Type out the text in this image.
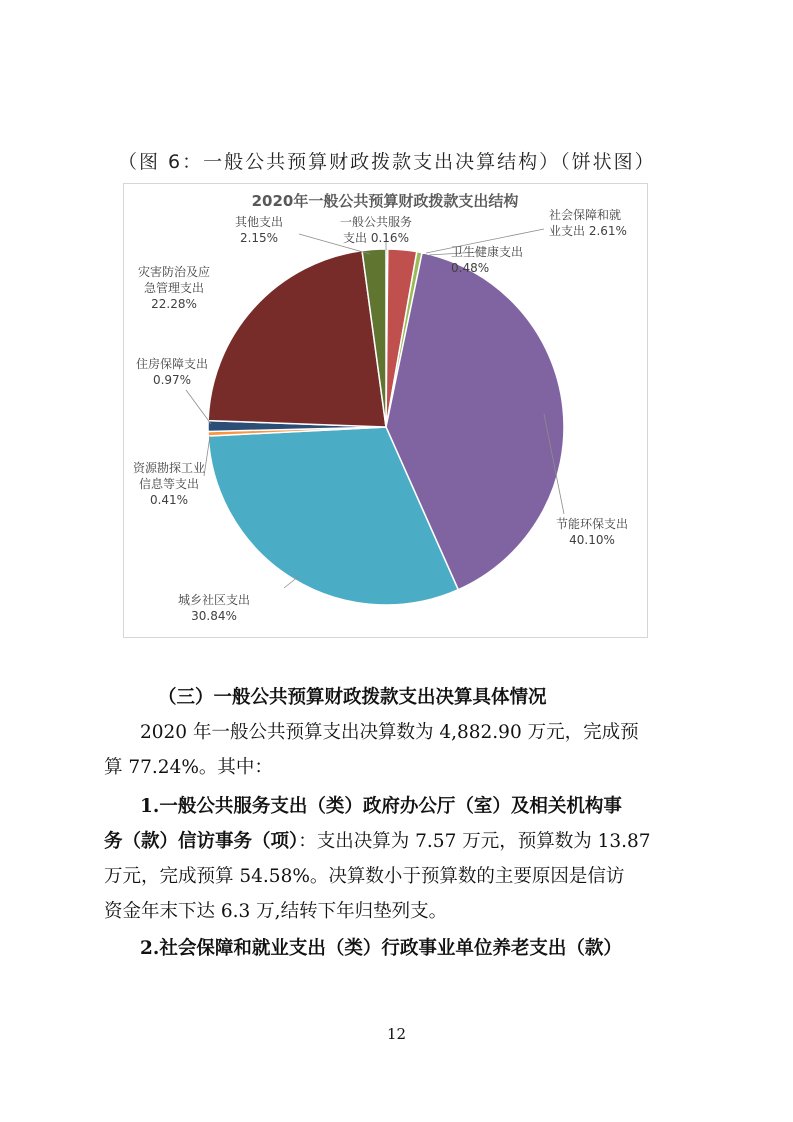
（图 6：一般公共预算财政拨款支出决算结构）（饼状图）
2020年一般公共预算财政拨款支出结构
一般公共服务支出 0.16%
社会保障和就业支出 2.61%
卫生健康支出 0.48%
节能环保支出 40.10%
城乡社区支出 30.84%
资源勘探工业信息等支出 0.41%
住房保障支出 0.97%
灾害防治及应急管理支出 22.28%
其他支出 2.15%
（三）一般公共预算财政拨款支出决算具体情况
2020 年一般公共预算支出决算数为 4,882.90 万元，完成预
算 77.24%。其中：
1.一般公共服务支出（类）政府办公厅（室）及相关机构事
务（款）信访事务（项）：支出决算为 7.57 万元，预算数为 13.87
万元，完成预算 54.58%。决算数小于预算数的主要原因是信访
资金年末下达 6.3 万,结转下年归垫列支。
2.社会保障和就业支出（类）行政事业单位养老支出（款）
12
